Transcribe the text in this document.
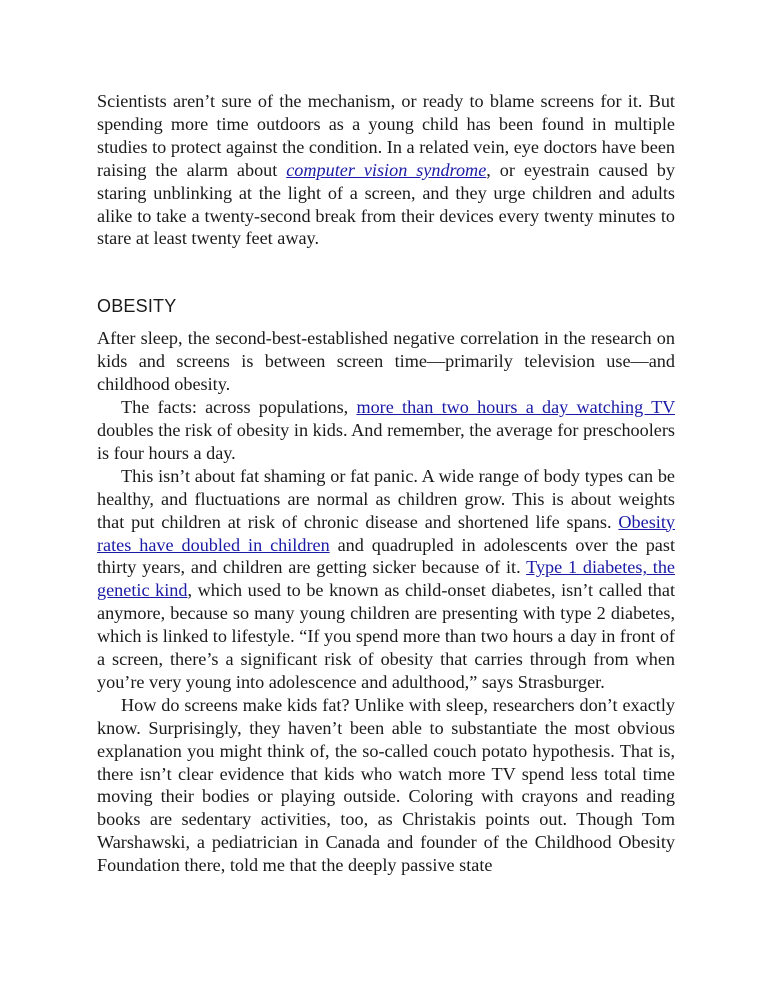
Scientists aren’t sure of the mechanism, or ready to blame screens for it. But spending more time outdoors as a young child has been found in multiple studies to protect against the condition. In a related vein, eye doctors have been raising the alarm about computer vision syndrome, or eyestrain caused by staring unblinking at the light of a screen, and they urge children and adults alike to take a twenty-second break from their devices every twenty minutes to stare at least twenty feet away.

OBESITY

After sleep, the second-best-established negative correlation in the research on kids and screens is between screen time—primarily television use—and childhood obesity.

The facts: across populations, more than two hours a day watching TV doubles the risk of obesity in kids. And remember, the average for preschoolers is four hours a day.

This isn’t about fat shaming or fat panic. A wide range of body types can be healthy, and fluctuations are normal as children grow. This is about weights that put children at risk of chronic disease and shortened life spans. Obesity rates have doubled in children and quadrupled in adolescents over the past thirty years, and children are getting sicker because of it. Type 1 diabetes, the genetic kind, which used to be known as child-onset diabetes, isn’t called that anymore, because so many young children are presenting with type 2 diabetes, which is linked to lifestyle. “If you spend more than two hours a day in front of a screen, there’s a significant risk of obesity that carries through from when you’re very young into adolescence and adulthood,” says Strasburger.

How do screens make kids fat? Unlike with sleep, researchers don’t exactly know. Surprisingly, they haven’t been able to substantiate the most obvious explanation you might think of, the so-called couch potato hypothesis. That is, there isn’t clear evidence that kids who watch more TV spend less total time moving their bodies or playing outside. Coloring with crayons and reading books are sedentary activities, too, as Christakis points out. Though Tom Warshawski, a pediatrician in Canada and founder of the Childhood Obesity Foundation there, told me that the deeply passive state
